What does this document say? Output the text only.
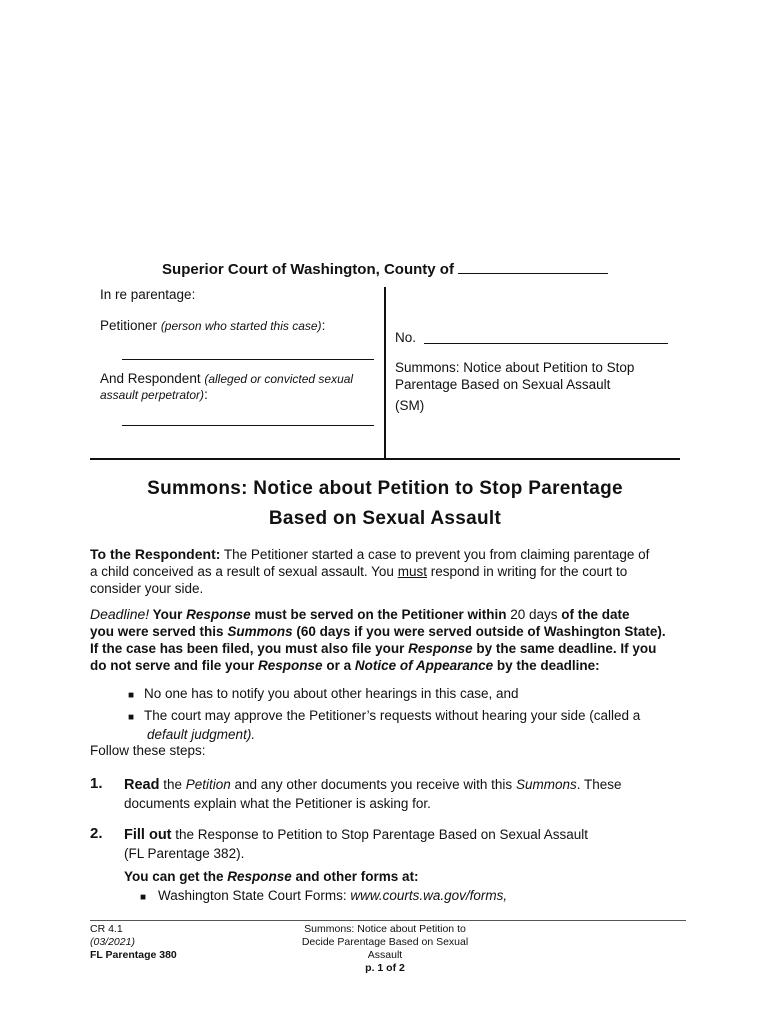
Superior Court of Washington, County of
In re parentage:
Petitioner (person who started this case):
And Respondent (alleged or convicted sexual
assault perpetrator):
No.
Summons: Notice about Petition to Stop
Parentage Based on Sexual Assault
(SM)
Summons: Notice about Petition to Stop Parentage
Based on Sexual Assault
To the Respondent: The Petitioner started a case to prevent you from claiming parentage of
a child conceived as a result of sexual assault. You must respond in writing for the court to
consider your side.
Deadline! Your Response must be served on the Petitioner within 20 days of the date
you were served this Summons (60 days if you were served outside of Washington State).
If the case has been filed, you must also file your Response by the same deadline. If you
do not serve and file your Response or a Notice of Appearance by the deadline:
■ No one has to notify you about other hearings in this case, and
■ The court may approve the Petitioner’s requests without hearing your side (called a
default judgment).
Follow these steps:
1. Read the Petition and any other documents you receive with this Summons. These
documents explain what the Petitioner is asking for.
2. Fill out the Response to Petition to Stop Parentage Based on Sexual Assault
(FL Parentage 382).
You can get the Response and other forms at:
■ Washington State Court Forms: www.courts.wa.gov/forms,
CR 4.1
(03/2021)
FL Parentage 380
Summons: Notice about Petition to
Decide Parentage Based on Sexual
Assault
p. 1 of 2
